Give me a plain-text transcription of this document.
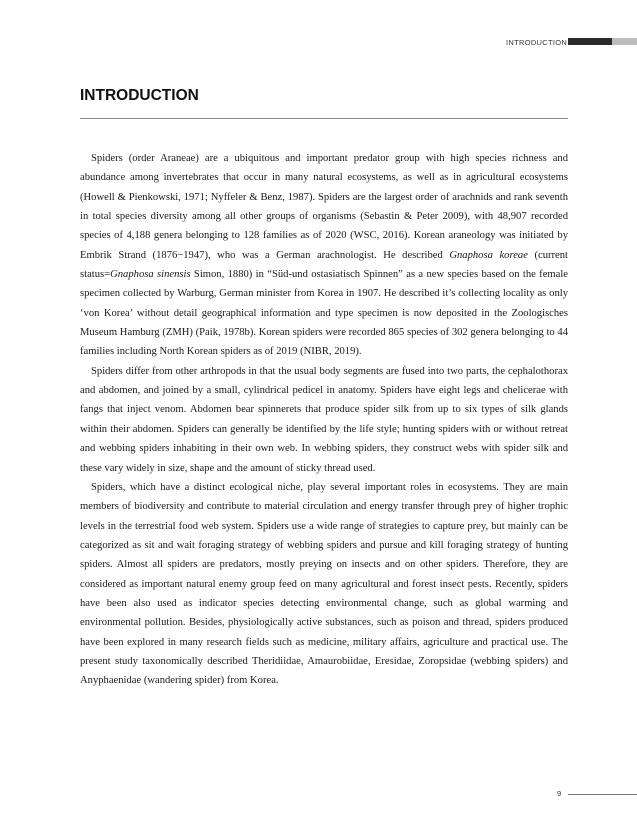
INTRODUCTION
INTRODUCTION

Spiders (order Araneae) are a ubiquitous and important predator group with high species richness and abundance among invertebrates that occur in many natural ecosystems, as well as in agricultural ecosystems (Howell & Pienkowski, 1971; Nyffeler & Benz, 1987). Spiders are the largest order of arachnids and rank seventh in total species diversity among all other groups of organisms (Sebastin & Peter 2009), with 48,907 recorded species of 4,188 genera belonging to 128 families as of 2020 (WSC, 2016). Korean araneology was initiated by Embrik Strand (1876−1947), who was a German arachnologist. He described Gnaphosa koreae (current status=Gnaphosa sinensis Simon, 1880) in “Süd-und ostasiatisch Spinnen” as a new species based on the female specimen collected by Warburg, German minister from Korea in 1907. He described it’s collecting locality as only ‘von Korea’ without detail geographical information and type specimen is now deposited in the Zoologisches Museum Hamburg (ZMH) (Paik, 1978b). Korean spiders were recorded 865 species of 302 genera belonging to 44 families including North Korean spiders as of 2019 (NIBR, 2019).

Spiders differ from other arthropods in that the usual body segments are fused into two parts, the cephalothorax and abdomen, and joined by a small, cylindrical pedicel in anatomy. Spiders have eight legs and chelicerae with fangs that inject venom. Abdomen bear spinnerets that produce spider silk from up to six types of silk glands within their abdomen. Spiders can generally be identified by the life style; hunting spiders with or without retreat and webbing spiders inhabiting in their own web. In webbing spiders, they construct webs with spider silk and these vary widely in size, shape and the amount of sticky thread used.

Spiders, which have a distinct ecological niche, play several important roles in ecosystems. They are main members of biodiversity and contribute to material circulation and energy transfer through prey of higher trophic levels in the terrestrial food web system. Spiders use a wide range of strategies to capture prey, but mainly can be categorized as sit and wait foraging strategy of webbing spiders and pursue and kill foraging strategy of hunting spiders. Almost all spiders are predators, mostly preying on insects and on other spiders. Therefore, they are considered as important natural enemy group feed on many agricultural and forest insect pests. Recently, spiders have been also used as indicator species detecting environmental change, such as global warming and environmental pollution. Besides, physiologically active substances, such as poison and thread, spiders produced have been explored in many research fields such as medicine, military affairs, agriculture and practical use. The present study taxonomically described Theridiidae, Amaurobiidae, Eresidae, Zoropsidae (webbing spiders) and Anyphaenidae (wandering spider) from Korea.

9
